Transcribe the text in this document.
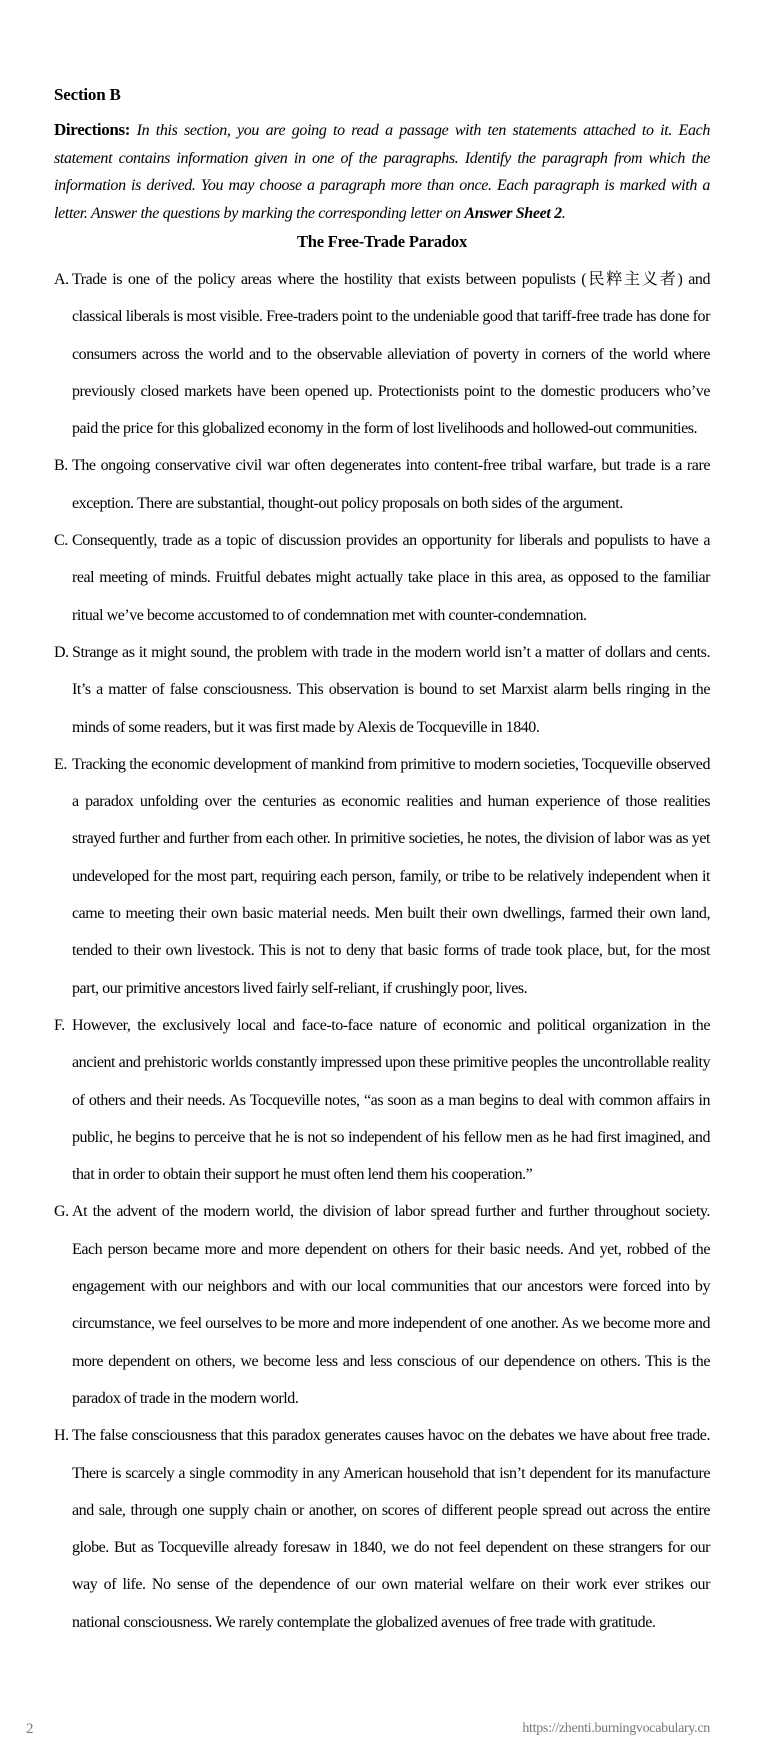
Section B

Directions: In this section, you are going to read a passage with ten statements attached to it. Each statement contains information given in one of the paragraphs. Identify the paragraph from which the information is derived. You may choose a paragraph more than once. Each paragraph is marked with a letter. Answer the questions by marking the corresponding letter on Answer Sheet 2.

The Free-Trade Paradox

A. Trade is one of the policy areas where the hostility that exists between populists (民粹主义者) and classical liberals is most visible. Free-traders point to the undeniable good that tariff-free trade has done for consumers across the world and to the observable alleviation of poverty in corners of the world where previously closed markets have been opened up. Protectionists point to the domestic producers who’ve paid the price for this globalized economy in the form of lost livelihoods and hollowed-out communities.

B. The ongoing conservative civil war often degenerates into content-free tribal warfare, but trade is a rare exception. There are substantial, thought-out policy proposals on both sides of the argument.

C. Consequently, trade as a topic of discussion provides an opportunity for liberals and populists to have a real meeting of minds. Fruitful debates might actually take place in this area, as opposed to the familiar ritual we’ve become accustomed to of condemnation met with counter-condemnation.

D. Strange as it might sound, the problem with trade in the modern world isn’t a matter of dollars and cents. It’s a matter of false consciousness. This observation is bound to set Marxist alarm bells ringing in the minds of some readers, but it was first made by Alexis de Tocqueville in 1840.

E. Tracking the economic development of mankind from primitive to modern societies, Tocqueville observed a paradox unfolding over the centuries as economic realities and human experience of those realities strayed further and further from each other. In primitive societies, he notes, the division of labor was as yet undeveloped for the most part, requiring each person, family, or tribe to be relatively independent when it came to meeting their own basic material needs. Men built their own dwellings, farmed their own land, tended to their own livestock. This is not to deny that basic forms of trade took place, but, for the most part, our primitive ancestors lived fairly self-reliant, if crushingly poor, lives.

F. However, the exclusively local and face-to-face nature of economic and political organization in the ancient and prehistoric worlds constantly impressed upon these primitive peoples the uncontrollable reality of others and their needs. As Tocqueville notes, “as soon as a man begins to deal with common affairs in public, he begins to perceive that he is not so independent of his fellow men as he had first imagined, and that in order to obtain their support he must often lend them his cooperation.”

G. At the advent of the modern world, the division of labor spread further and further throughout society. Each person became more and more dependent on others for their basic needs. And yet, robbed of the engagement with our neighbors and with our local communities that our ancestors were forced into by circumstance, we feel ourselves to be more and more independent of one another. As we become more and more dependent on others, we become less and less conscious of our dependence on others. This is the paradox of trade in the modern world.

H. The false consciousness that this paradox generates causes havoc on the debates we have about free trade. There is scarcely a single commodity in any American household that isn’t dependent for its manufacture and sale, through one supply chain or another, on scores of different people spread out across the entire globe. But as Tocqueville already foresaw in 1840, we do not feel dependent on these strangers for our way of life. No sense of the dependence of our own material welfare on their work ever strikes our national consciousness. We rarely contemplate the globalized avenues of free trade with gratitude.

2	https://zhenti.burningvocabulary.cn
